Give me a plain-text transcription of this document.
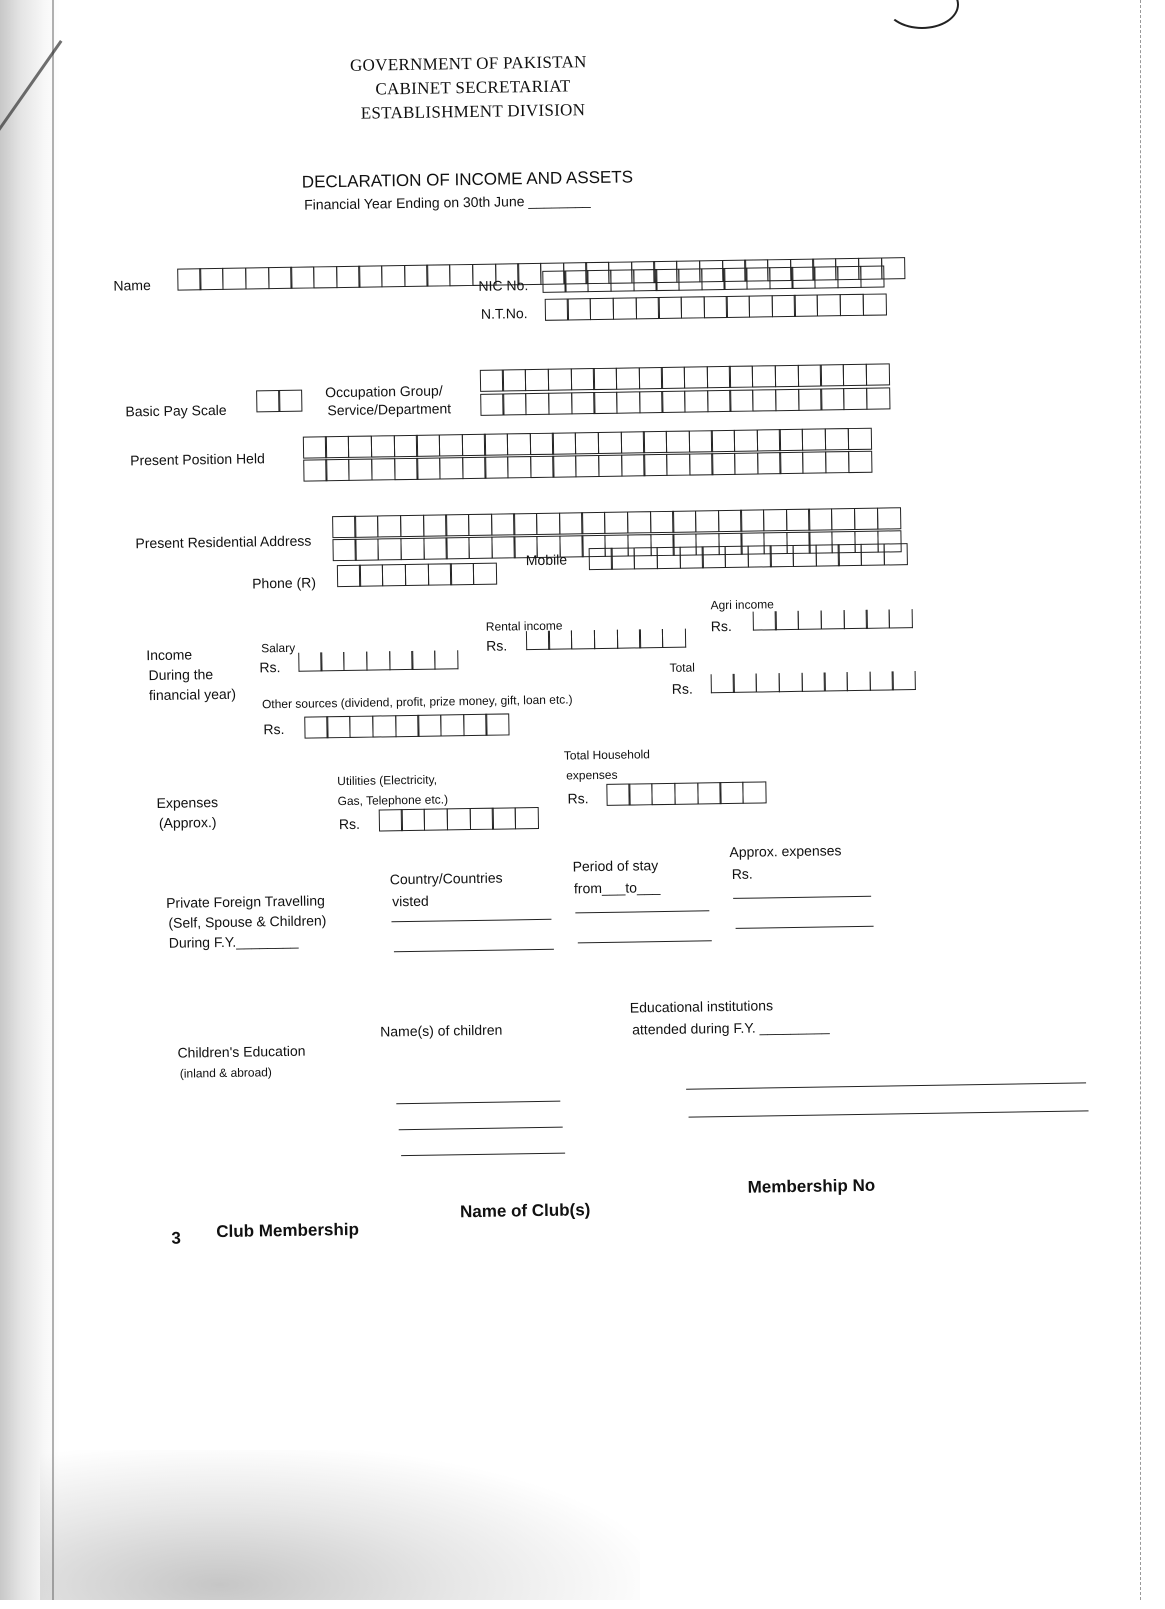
GOVERNMENT OF PAKISTAN
CABINET SECRETARIAT
ESTABLISHMENT DIVISION
DECLARATION OF INCOME AND ASSETS
Financial Year Ending on 30th June ________
Name	NIC No.
N.T.No.
Basic Pay Scale
Occupation Group/
Service/Department
Present Position Held
Present Residential Address
Phone (R)
Mobile
Income
During the
financial year)
Salary
Rs.
Rental income
Rs.
Agri income
Rs.
Total
Rs.
Other sources (dividend, profit, prize money, gift, loan etc.)
Rs.
Expenses
(Approx.)
Utilities (Electricity,
Gas, Telephone etc.)
Rs.
Total Household
expenses
Rs.
Private Foreign Travelling
(Self, Spouse & Children)
During F.Y.________
Country/Countries
visted
Period of stay
from___to___
Approx. expenses
Rs.
Children's Education
(inland & abroad)
Name(s) of children
Educational institutions
attended during F.Y. _________
3 Club Membership
Name of Club(s)
Membership No
